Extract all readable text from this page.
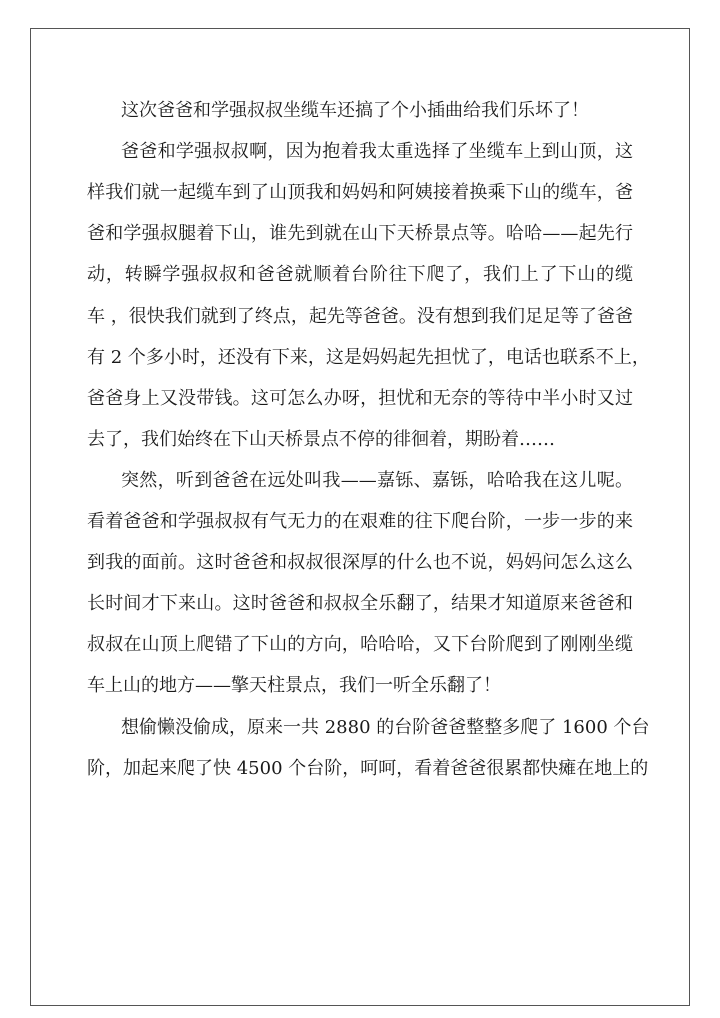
这次爸爸和学强叔叔坐缆车还搞了个小插曲给我们乐坏了！
爸爸和学强叔叔啊，因为抱着我太重选择了坐缆车上到山顶，这
样我们就一起缆车到了山顶我和妈妈和阿姨接着换乘下山的缆车，爸
爸和学强叔腿着下山，谁先到就在山下天桥景点等。哈哈——起先行
动，转瞬学强叔叔和爸爸就顺着台阶往下爬了，我们上了下山的缆
车 ，很快我们就到了终点，起先等爸爸。没有想到我们足足等了爸爸
有 2 个多小时，还没有下来，这是妈妈起先担忧了，电话也联系不上，
爸爸身上又没带钱。这可怎么办呀，担忧和无奈的等待中半小时又过
去了，我们始终在下山天桥景点不停的徘徊着，期盼着……
突然，听到爸爸在远处叫我——嘉铄、嘉铄，哈哈我在这儿呢。
看着爸爸和学强叔叔有气无力的在艰难的往下爬台阶，一步一步的来
到我的面前。这时爸爸和叔叔很深厚的什么也不说，妈妈问怎么这么
长时间才下来山。这时爸爸和叔叔全乐翻了，结果才知道原来爸爸和
叔叔在山顶上爬错了下山的方向，哈哈哈，又下台阶爬到了刚刚坐缆
车上山的地方——擎天柱景点，我们一听全乐翻了！
想偷懒没偷成，原来一共 2880 的台阶爸爸整整多爬了 1600 个台
阶，加起来爬了快 4500 个台阶，呵呵，看着爸爸很累都快瘫在地上的
